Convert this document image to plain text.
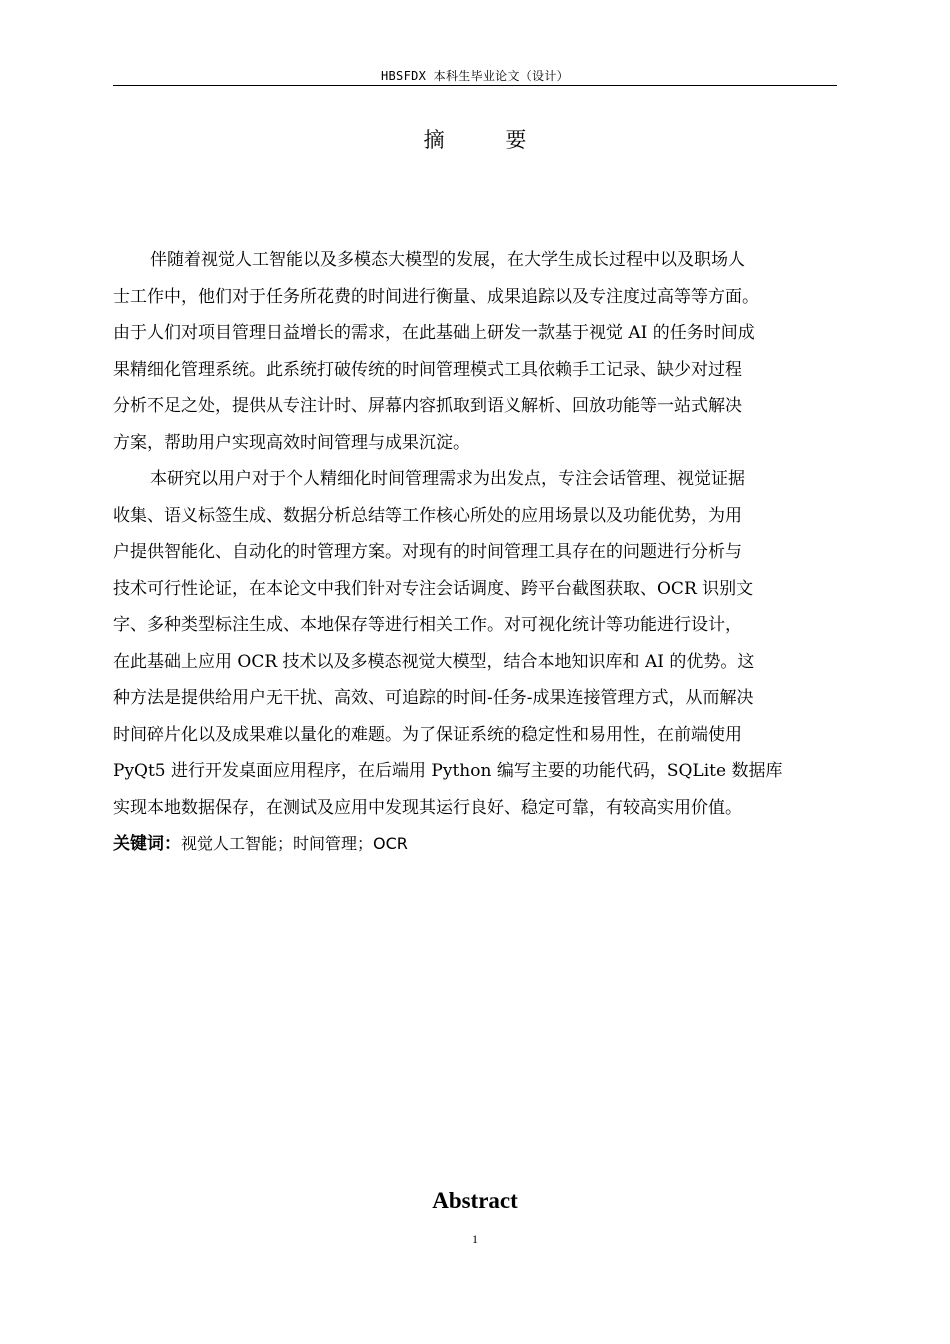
HBSFDX 本科生毕业论文（设计）
摘 要
伴随着视觉人工智能以及多模态大模型的发展，在大学生成长过程中以及职场人
士工作中，他们对于任务所花费的时间进行衡量、成果追踪以及专注度过高等等方面。
由于人们对项目管理日益增长的需求，在此基础上研发一款基于视觉 AI 的任务时间成
果精细化管理系统。此系统打破传统的时间管理模式工具依赖手工记录、缺少对过程
分析不足之处，提供从专注计时、屏幕内容抓取到语义解析、回放功能等一站式解决
方案，帮助用户实现高效时间管理与成果沉淀。
本研究以用户对于个人精细化时间管理需求为出发点，专注会话管理、视觉证据
收集、语义标签生成、数据分析总结等工作核心所处的应用场景以及功能优势，为用
户提供智能化、自动化的时管理方案。对现有的时间管理工具存在的问题进行分析与
技术可行性论证，在本论文中我们针对专注会话调度、跨平台截图获取、OCR 识别文
字、多种类型标注生成、本地保存等进行相关工作。对可视化统计等功能进行设计，
在此基础上应用 OCR 技术以及多模态视觉大模型，结合本地知识库和 AI 的优势。这
种方法是提供给用户无干扰、高效、可追踪的时间-任务-成果连接管理方式，从而解决
时间碎片化以及成果难以量化的难题。为了保证系统的稳定性和易用性，在前端使用
PyQt5 进行开发桌面应用程序，在后端用 Python 编写主要的功能代码，SQLite 数据库
实现本地数据保存，在测试及应用中发现其运行良好、稳定可靠，有较高实用价值。
关键词：视觉人工智能；时间管理；OCR
Abstract
1
